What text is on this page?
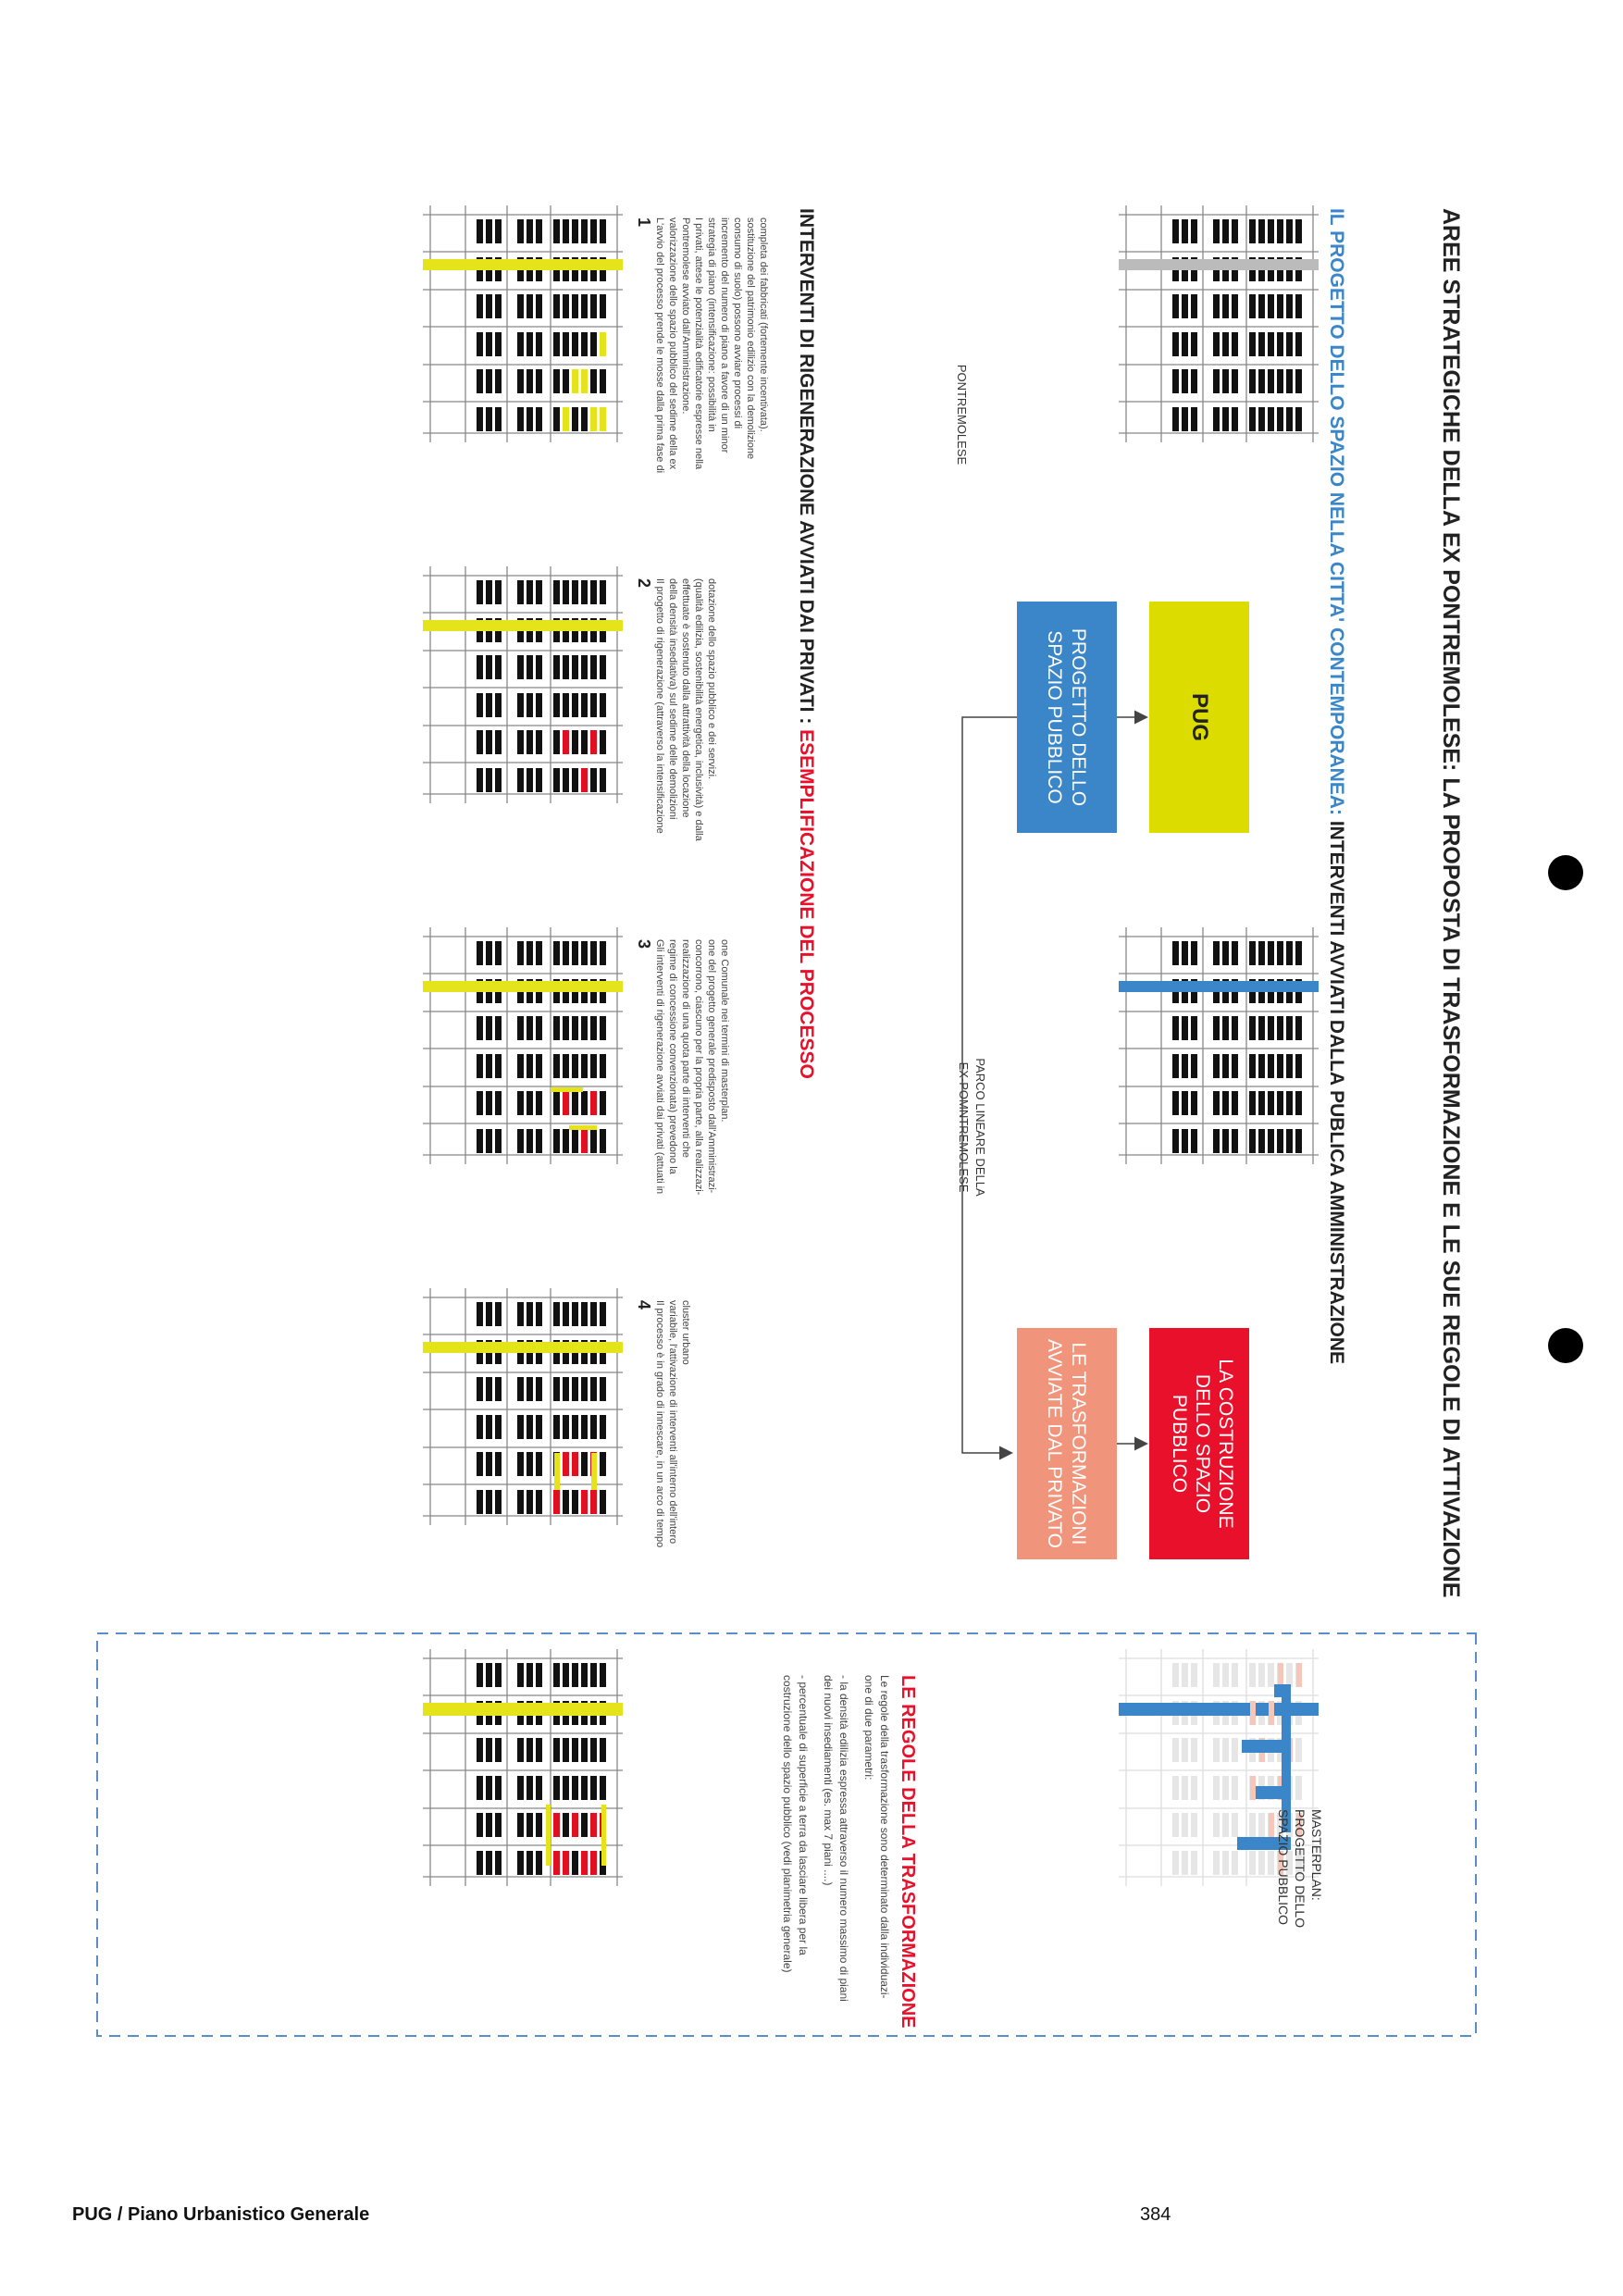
AREE STRATEGICHE DELLA EX PONTREMOLESE: LA PROPOSTA DI TRASFORMAZIONE E LE SUE REGOLE DI ATTIVAZIONE
IL PROGETTO DELLO SPAZIO NELLA CITTA' CONTEMPORANEA: INTERVENTI AVVIATI DALLA PUBLICA AMMINISTRAZIONE
PONTREMOLESE
PARCO LINEARE DELLA
EX-POMNTREMOLESE
MASTERPLAN:
PROGETTO DELLO
SPAZIO PUBBLICO
PUG
PROGETTO DELLO
SPAZIO PUBBLICO
LA COSTRUZIONE
DELLO SPAZIO
PUBBLICO
LE TRASFORMAZIONI
AVVIATE DAL PRIVATO
LE REGOLE DELLA TRASFORMAZIONE
Le regole della trasformazione sono determinato dalla individuazi-
one di due parametri:
- la densità edilizia espressa attraverso il numero massimo di piani
dei nuovi insediamenti (es. max 7 piani ....)
- percentuale di superficie a terra da lasciare libera per la
costruzione dello spazio pubblico (vedi planimetria generale)
INTERVENTI DI RIGENERAZIONE AVVIATI DAI PRIVATI : ESEMPLIFICAZIONE DEL PROCESSO
1 L'avvio del processo prende le mosse dalla prima fase di valorizzazione dello spazio pubblico del sedime della ex Pontremolese avviato dall'Amministrazione. I privati, attese le potenzialità edificatorie espresse nella strategia di piano (intensificazione: possibilità in incremento del numero di piano a favore di un minor consumo di suolo) possono avviare processi di sostituzione del patrimonio edilizio con la demolizione completa dei fabbricati (fortemente incentivata).
2 Il progetto di rigenerazione (attraverso la intensificazione della densità insediativa) sul sedime delle demolizioni effettuate è sostenuto dalla attrattività della locazione (qualità edilizia, sostenibilità energetica, inclusività) e dalla dotazione dello spazio pubblico e dei servizi.
3 Gli interventi di rigenerazione avviati dai privati (attuati in regime di concessione convenzionata) prevedono la realizzazione di una quota parte di interventi che concorrono, ciascuno per la propria parte, alla realizzazi- one del progetto generale predisposto dall'Amministrazi- one Comunale nei termini di masterplan.
4 Il processo è in grado di innescare, in un arco di tempo variabile, l'attivazione di interventi all'interno dell'intero cluster urbano
PUG / Piano Urbanistico Generale	384
